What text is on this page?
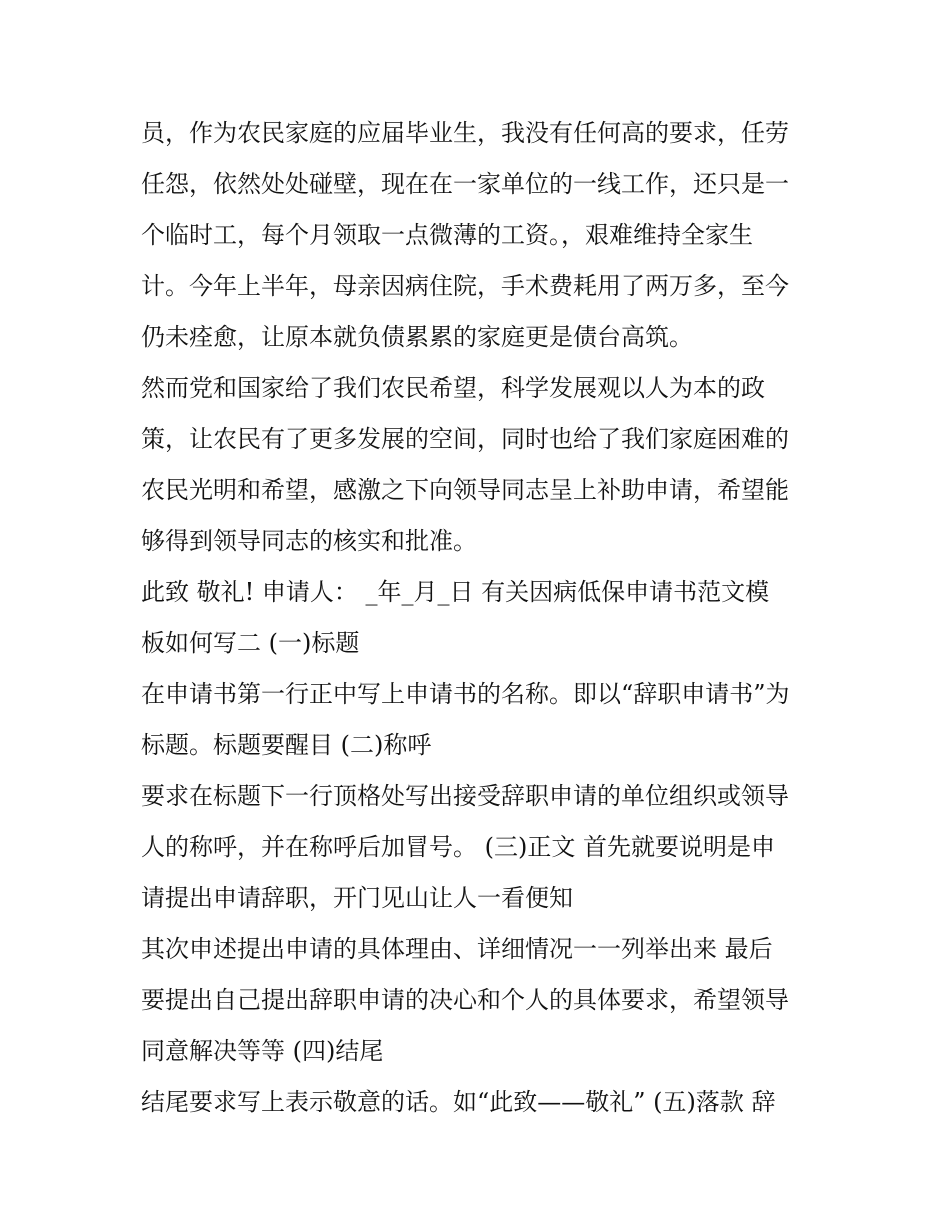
员，作为农民家庭的应届毕业生，我没有任何高的要求，任劳
任怨，依然处处碰壁，现在在一家单位的一线工作，还只是一
个临时工，每个月领取一点微薄的工资。，艰难维持全家生
计。今年上半年，母亲因病住院，手术费耗用了两万多，至今
仍未痊愈，让原本就负债累累的家庭更是债台高筑。
然而党和国家给了我们农民希望，科学发展观以人为本的政
策，让农民有了更多发展的空间，同时也给了我们家庭困难的
农民光明和希望，感激之下向领导同志呈上补助申请，希望能
够得到领导同志的核实和批准。
此致 敬礼! 申请人： _年_月_日 有关因病低保申请书范文模
板如何写二 (一)标题
在申请书第一行正中写上申请书的名称。即以“辞职申请书”为
标题。标题要醒目 (二)称呼
要求在标题下一行顶格处写出接受辞职申请的单位组织或领导
人的称呼，并在称呼后加冒号。 (三)正文 首先就要说明是申
请提出申请辞职，开门见山让人一看便知
其次申述提出申请的具体理由、详细情况一一列举出来 最后
要提出自己提出辞职申请的决心和个人的具体要求，希望领导
同意解决等等 (四)结尾
结尾要求写上表示敬意的话。如“此致——敬礼” (五)落款 辞
